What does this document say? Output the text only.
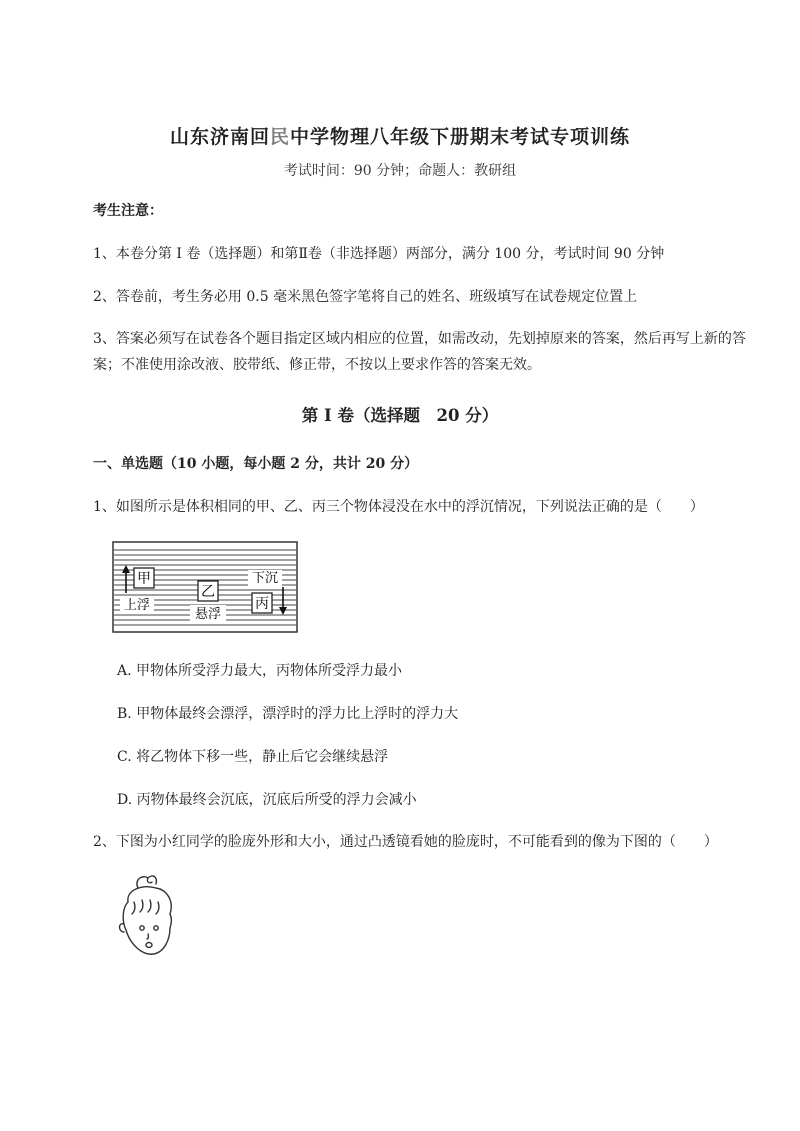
山东济南回民中学物理八年级下册期末考试专项训练
考试时间：90 分钟；命题人：教研组
考生注意：
1、本卷分第 I 卷（选择题）和第Ⅱ卷（非选择题）两部分，满分 100 分，考试时间 90 分钟
2、答卷前，考生务必用 0.5 毫米黑色签字笔将自己的姓名、班级填写在试卷规定位置上
3、答案必须写在试卷各个题目指定区域内相应的位置，如需改动，先划掉原来的答案，然后再写上新的答案；不准使用涂改液、胶带纸、修正带，不按以上要求作答的答案无效。
第 I 卷（选择题　20 分）
一、单选题（10 小题，每小题 2 分，共计 20 分）
1、如图所示是体积相同的甲、乙、丙三个物体浸没在水中的浮沉情况，下列说法正确的是（　　）
甲
上浮
乙
悬浮
下沉
丙
A. 甲物体所受浮力最大，丙物体所受浮力最小
B. 甲物体最终会漂浮，漂浮时的浮力比上浮时的浮力大
C. 将乙物体下移一些，静止后它会继续悬浮
D. 丙物体最终会沉底，沉底后所受的浮力会减小
2、下图为小红同学的脸庞外形和大小，通过凸透镜看她的脸庞时，不可能看到的像为下图的（　　）
